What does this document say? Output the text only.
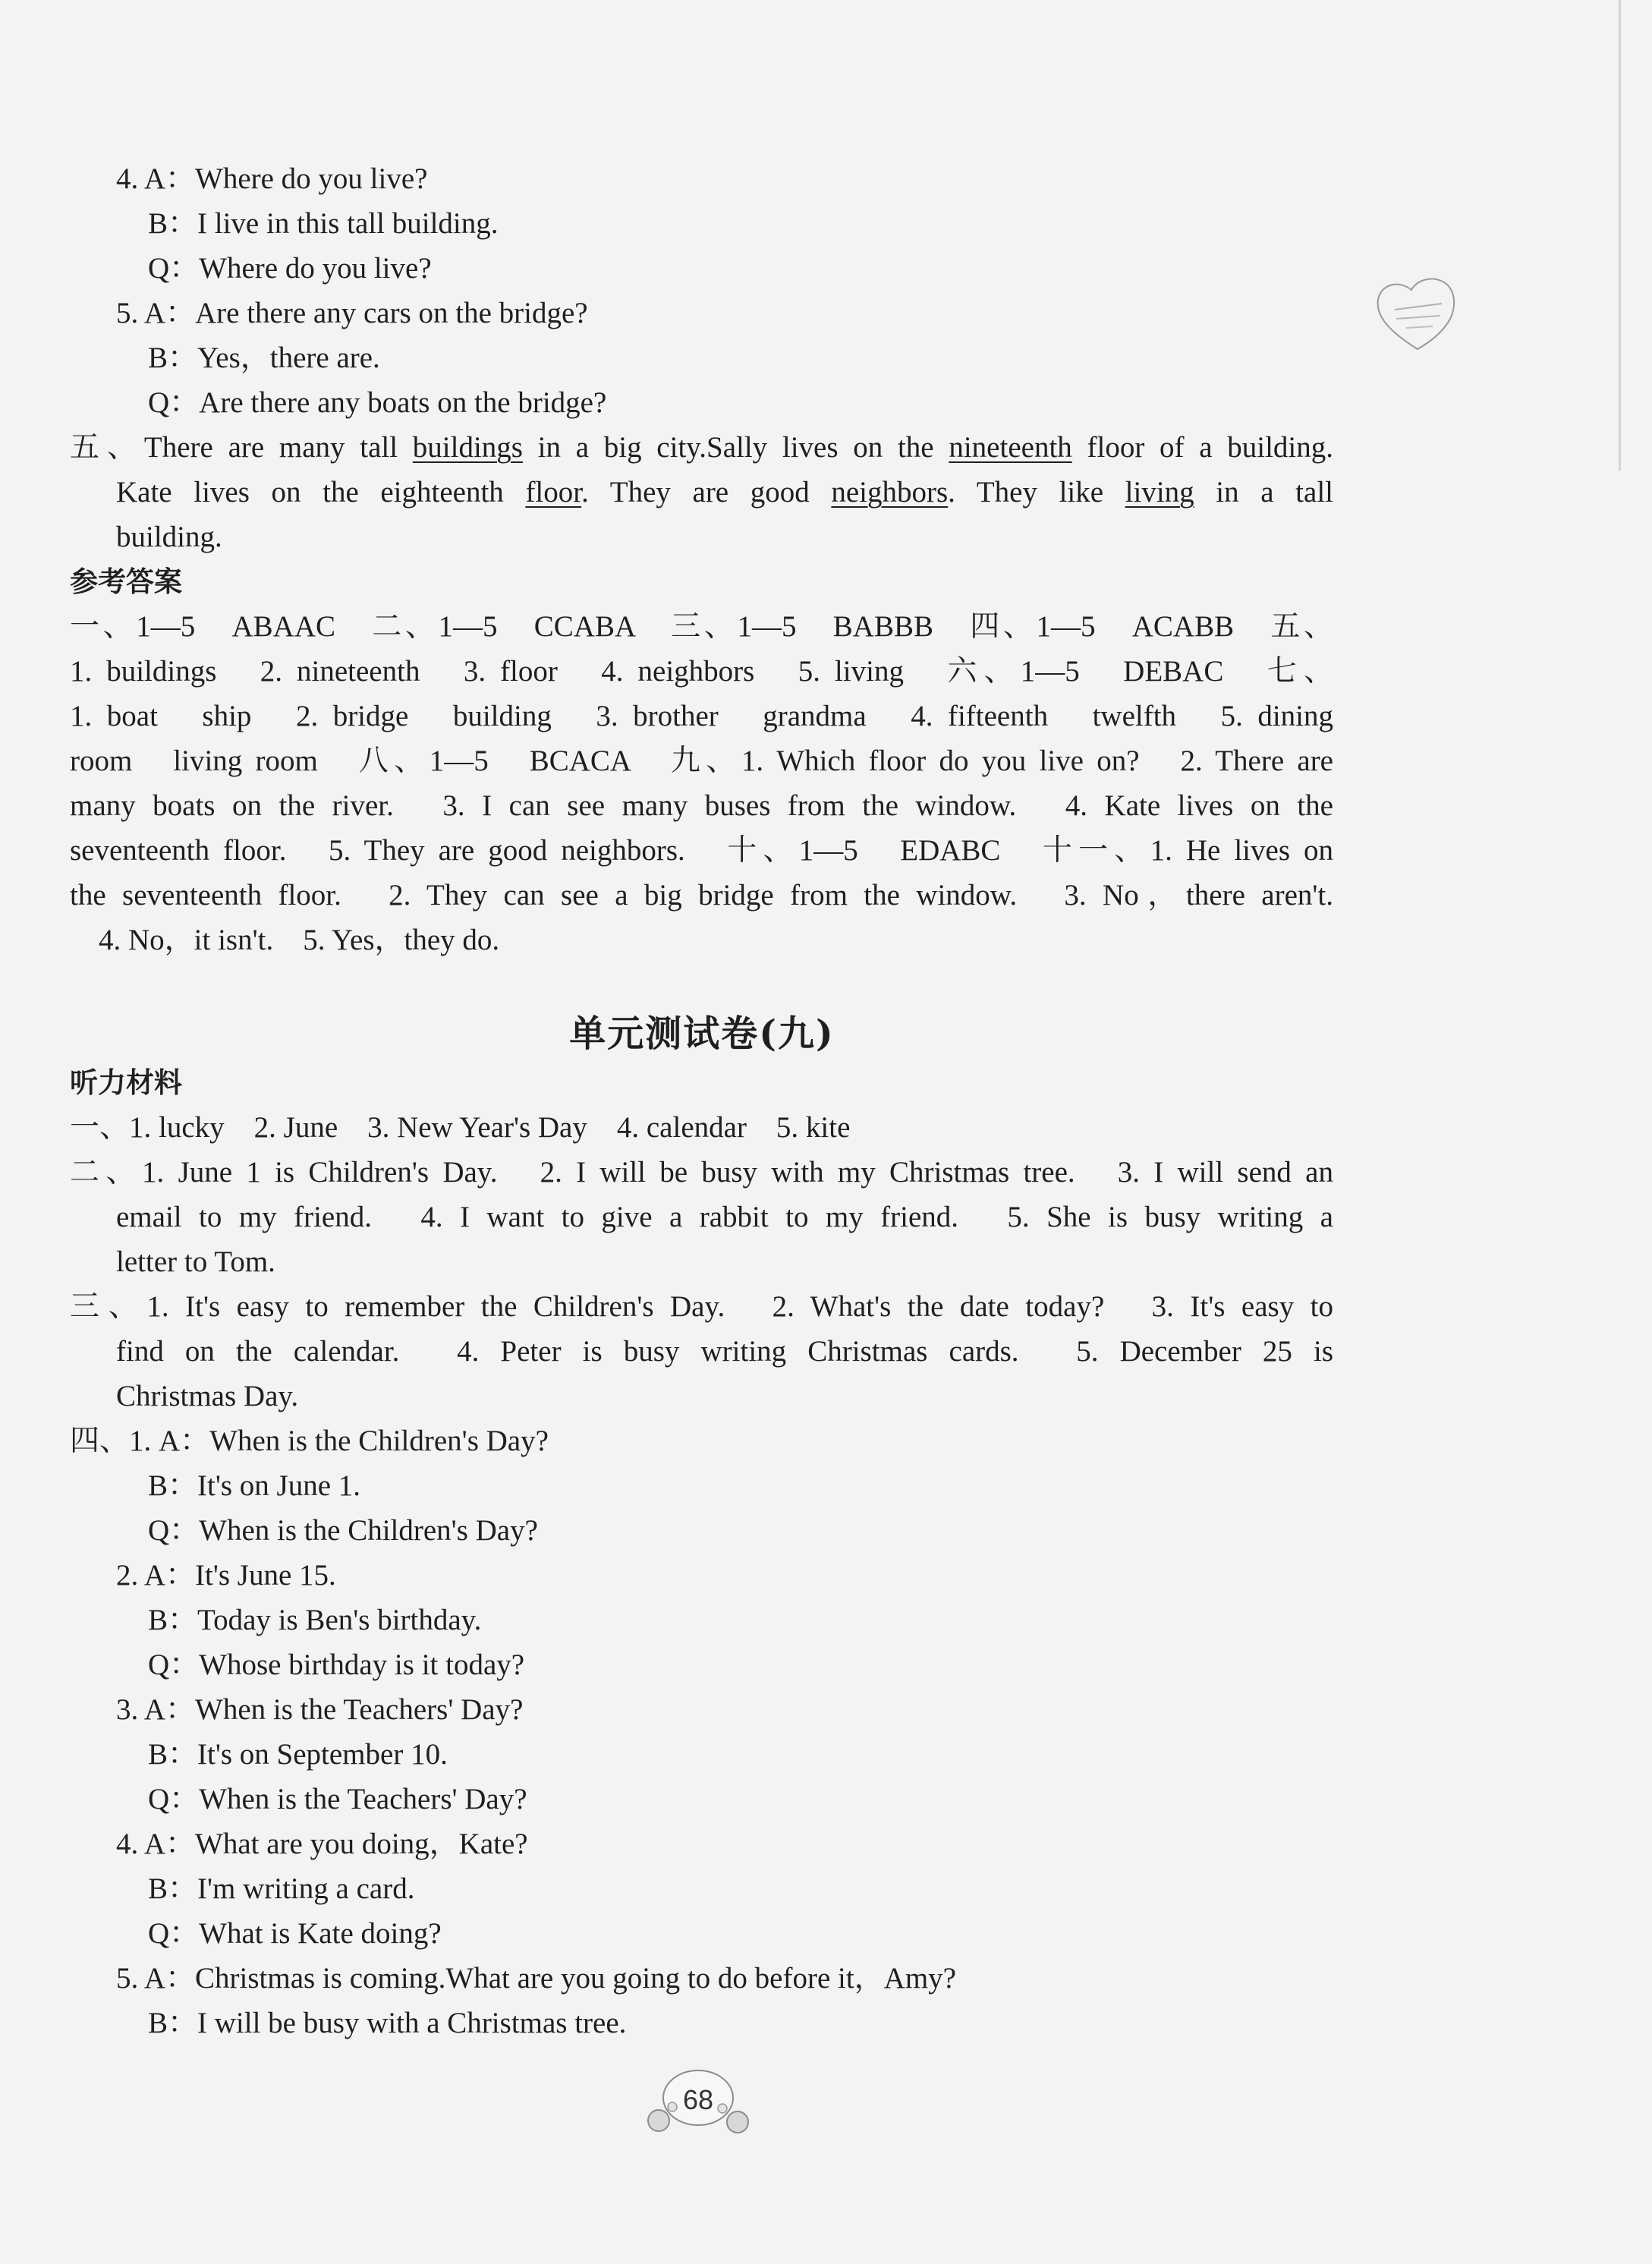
4. A：Where do you live?
B：I live in this tall building.
Q：Where do you live?
5. A：Are there any cars on the bridge?
B：Yes，there are.
Q：Are there any boats on the bridge?
五、There are many tall buildings in a big city.Sally lives on the nineteenth floor of a building.
Kate lives on the eighteenth floor. They are good neighbors. They like living in a tall
building.
参考答案
一、1—5　ABAAC　二、1—5　CCABA　三、1—5　BABBB　四、1—5　ACABB　五、
1. buildings　2. nineteenth　3. floor　4. neighbors　5. living　六、1—5　DEBAC　七、
1. boat　ship　2. bridge　building　3. brother　grandma　4. fifteenth　twelfth　5. dining
room　living room　八、1—5　BCACA　九、1. Which floor do you live on?　2. There are
many boats on the river.　3. I can see many buses from the window.　4. Kate lives on the
seventeenth floor.　5. They are good neighbors.　十、1—5　EDABC　十一、1. He lives on
the seventeenth floor.　2. They can see a big bridge from the window.　3. No，there aren't.
4. No，it isn't.　5. Yes，they do.
单元测试卷(九)
听力材料
一、1. lucky　2. June　3. New Year's Day　4. calendar　5. kite
二、1. June 1 is Children's Day.　2. I will be busy with my Christmas tree.　3. I will send an
email to my friend.　4. I want to give a rabbit to my friend.　5. She is busy writing a
letter to Tom.
三、1. It's easy to remember the Children's Day.　2. What's the date today?　3. It's easy to
find on the calendar.　4. Peter is busy writing Christmas cards.　5. December 25 is
Christmas Day.
四、1. A：When is the Children's Day?
B：It's on June 1.
Q：When is the Children's Day?
2. A：It's June 15.
B：Today is Ben's birthday.
Q：Whose birthday is it today?
3. A：When is the Teachers' Day?
B：It's on September 10.
Q：When is the Teachers' Day?
4. A：What are you doing，Kate?
B：I'm writing a card.
Q：What is Kate doing?
5. A：Christmas is coming.What are you going to do before it，Amy?
B：I will be busy with a Christmas tree.
68
